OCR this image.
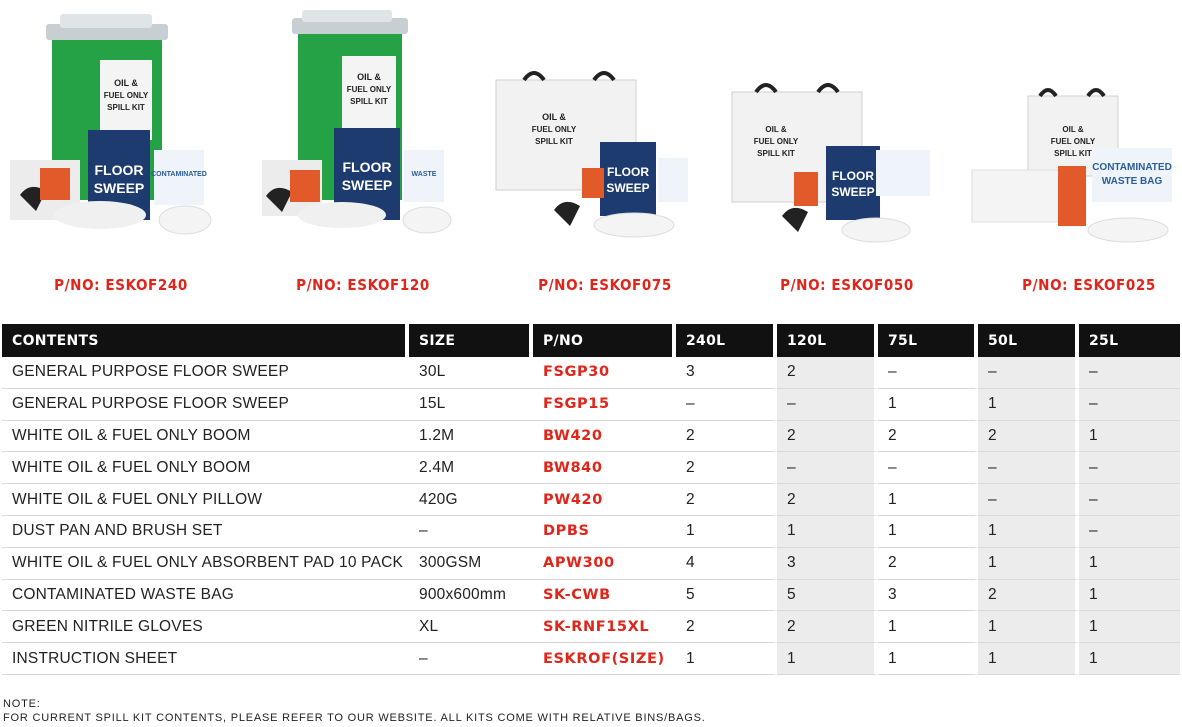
OIL &
FUEL ONLY
SPILL KIT
FLOOR
SWEEP
CONTAMINATED
P/NO: ESKOF240
OIL &
FUEL ONLY
SPILL KIT
FLOOR
SWEEP
WASTE
P/NO: ESKOF120
OIL &
FUEL ONLY
SPILL KIT
FLOOR
SWEEP
P/NO: ESKOF075
OIL &
FUEL ONLY
SPILL KIT
FLOOR
SWEEP
P/NO: ESKOF050
OIL &
FUEL ONLY
SPILL KIT
CONTAMINATED
WASTE BAG
P/NO: ESKOF025
CONTENTS	SIZE	P/NO	240L	120L	75L	50L	25L
GENERAL PURPOSE FLOOR SWEEP	30L	FSGP30	3	2	–	–	–
GENERAL PURPOSE FLOOR SWEEP	15L	FSGP15	–	–	1	1	–
WHITE OIL & FUEL ONLY BOOM	1.2M	BW420	2	2	2	2	1
WHITE OIL & FUEL ONLY BOOM	2.4M	BW840	2	–	–	–	–
WHITE OIL & FUEL ONLY PILLOW	420G	PW420	2	2	1	–	–
DUST PAN AND BRUSH SET	–	DPBS	1	1	1	1	–
WHITE OIL & FUEL ONLY ABSORBENT PAD 10 PACK	300GSM	APW300	4	3	2	1	1
CONTAMINATED WASTE BAG	900x600mm	SK-CWB	5	5	3	2	1
GREEN NITRILE GLOVES	XL	SK-RNF15XL	2	2	1	1	1
INSTRUCTION SHEET	–	ESKROF(SIZE)	1	1	1	1	1
NOTE:
FOR CURRENT SPILL KIT CONTENTS, PLEASE REFER TO OUR WEBSITE. ALL KITS COME WITH RELATIVE BINS/BAGS.
